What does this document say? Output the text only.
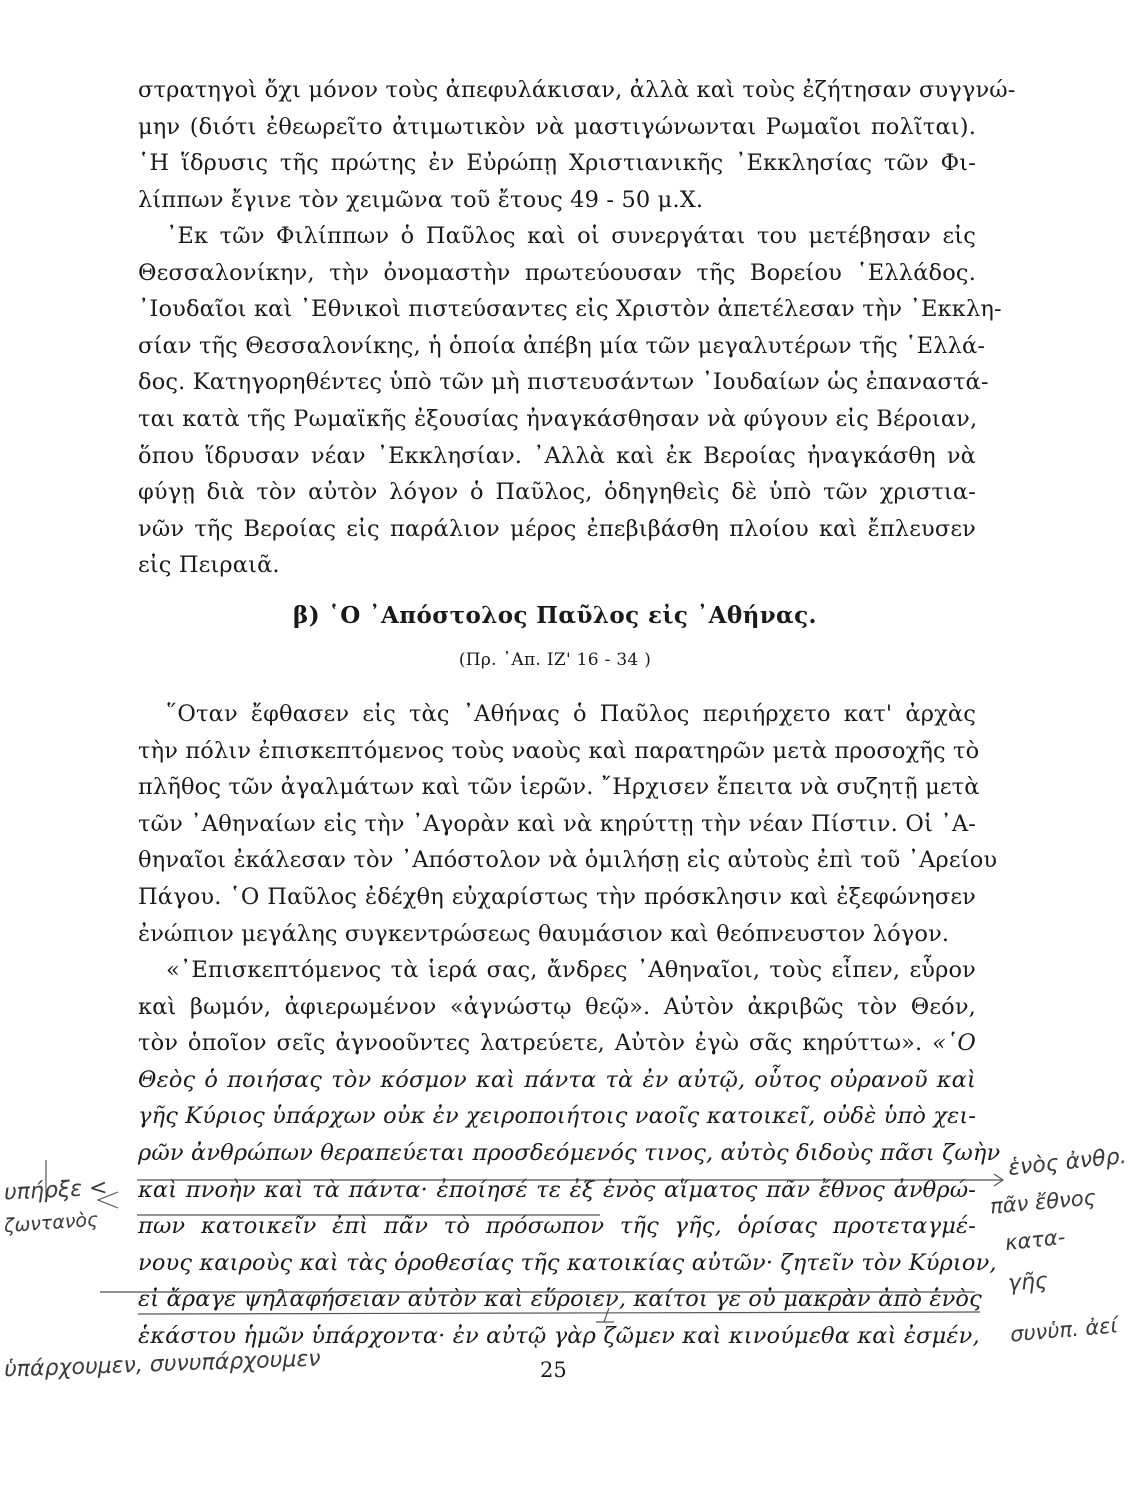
στρατηγοὶ ὄχι μόνον τοὺς ἀπεφυλάκισαν, ἀλλὰ καὶ τοὺς ἐζήτησαν συγγνώ-
μην (διότι ἐθεωρεῖτο ἀτιμωτικὸν νὰ μαστιγώνωνται Ρωμαῖοι πολῖται).
῾Η ἵδρυσις τῆς πρώτης ἐν Εὐρώπῃ Χριστιανικῆς ᾿Εκκλησίας τῶν Φι-
λίππων ἔγινε τὸν χειμῶνα τοῦ ἔτους 49 - 50 μ.Χ.
᾿Εκ τῶν Φιλίππων ὁ Παῦλος καὶ οἱ συνεργάται του μετέβησαν εἰς
Θεσσαλονίκην, τὴν ὀνομαστὴν πρωτεύουσαν τῆς Βορείου ῾Ελλάδος.
᾿Ιουδαῖοι καὶ ᾿Εθνικοὶ πιστεύσαντες εἰς Χριστὸν ἀπετέλεσαν τὴν ᾿Εκκλη-
σίαν τῆς Θεσσαλονίκης, ἡ ὁποία ἀπέβη μία τῶν μεγαλυτέρων τῆς ῾Ελλά-
δος. Κατηγορηθέντες ὑπὸ τῶν μὴ πιστευσάντων ᾿Ιουδαίων ὡς ἐπαναστά-
ται κατὰ τῆς Ρωμαϊκῆς ἐξουσίας ἠναγκάσθησαν νὰ φύγουν εἰς Βέροιαν,
ὅπου ἵδρυσαν νέαν ᾿Εκκλησίαν. ᾿Αλλὰ καὶ ἐκ Βεροίας ἠναγκάσθη νὰ
φύγῃ διὰ τὸν αὐτὸν λόγον ὁ Παῦλος, ὁδηγηθεὶς δὲ ὑπὸ τῶν χριστια-
νῶν τῆς Βεροίας εἰς παράλιον μέρος ἐπεβιβάσθη πλοίου καὶ ἔπλευσεν
εἰς Πειραιᾶ.
β) ῾Ο ᾿Απόστολος Παῦλος εἰς ᾿Αθήνας.
(Πρ. ᾿Απ. ΙΖ' 16 - 34 )
῞Οταν ἔφθασεν εἰς τὰς ᾿Αθήνας ὁ Παῦλος περιήρχετο κατ' ἀρχὰς
τὴν πόλιν ἐπισκεπτόμενος τοὺς ναοὺς καὶ παρατηρῶν μετὰ προσοχῆς τὸ
πλῆθος τῶν ἀγαλμάτων καὶ τῶν ἱερῶν. ῎Ηρχισεν ἔπειτα νὰ συζητῇ μετὰ
τῶν ᾿Αθηναίων εἰς τὴν ᾿Αγορὰν καὶ νὰ κηρύττῃ τὴν νέαν Πίστιν. Οἱ ᾿Α-
θηναῖοι ἐκάλεσαν τὸν ᾿Απόστολον νὰ ὁμιλήσῃ εἰς αὐτοὺς ἐπὶ τοῦ ᾿Αρείου
Πάγου. ῾Ο Παῦλος ἐδέχθη εὐχαρίστως τὴν πρόσκλησιν καὶ ἐξεφώνησεν
ἐνώπιον μεγάλης συγκεντρώσεως θαυμάσιον καὶ θεόπνευστον λόγον.
«᾿Επισκεπτόμενος τὰ ἱερά σας, ἄνδρες ᾿Αθηναῖοι, τοὺς εἶπεν, εὗρον
καὶ βωμόν, ἀφιερωμένον «ἀγνώστῳ θεῷ». Αὐτὸν ἀκριβῶς τὸν Θεόν,
τὸν ὁποῖον σεῖς ἀγνοοῦντες λατρεύετε, Αὐτὸν ἐγὼ σᾶς κηρύττω». «῾Ο
Θεὸς ὁ ποιήσας τὸν κόσμον καὶ πάντα τὰ ἐν αὐτῷ, οὗτος οὐρανοῦ καὶ
γῆς Κύριος ὑπάρχων οὐκ ἐν χειροποιήτοις ναοῖς κατοικεῖ, οὐδὲ ὑπὸ χει-
ρῶν ἀνθρώπων θεραπεύεται προσδεόμενός τινος, αὐτὸς διδοὺς πᾶσι ζωὴν
καὶ πνοὴν καὶ τὰ πάντα· ἐποίησέ τε ἐξ ἑνὸς αἵματος πᾶν ἔθνος ἀνθρώ-
πων κατοικεῖν ἐπὶ πᾶν τὸ πρόσωπον τῆς γῆς, ὁρίσας προτεταγμέ-
νους καιροὺς καὶ τὰς ὁροθεσίας τῆς κατοικίας αὐτῶν· ζητεῖν τὸν Κύριον,
εἰ ἄραγε ψηλαφήσειαν αὐτὸν καὶ εὕροιεν, καίτοι γε οὐ μακρὰν ἀπὸ ἑνὸς
ἑκάστου ἡμῶν ὑπάρχοντα· ἐν αὐτῷ γὰρ ζῶμεν καὶ κινούμεθα καὶ ἐσμέν,
υπήρξε <
ζωντανὸς
ἑνὸς ἀνθρ.
πᾶν ἔθνος
κατα-
γῆς
συνὑπ. ἀεί
ὑπάρχουμεν, συνυπάρχουμεν	25
